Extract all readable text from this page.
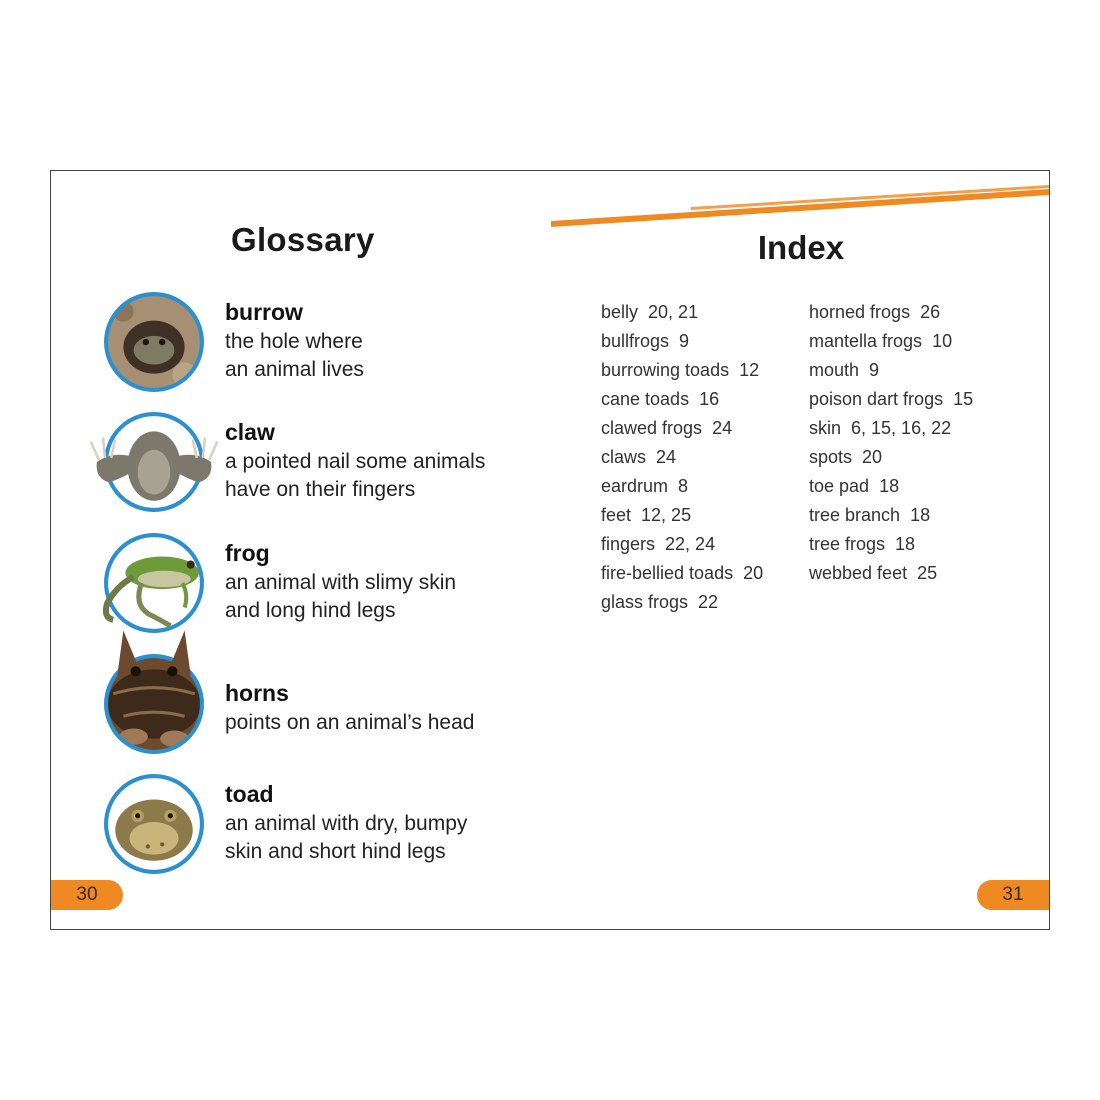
Glossary	Index
burrow
the hole where
an animal lives
claw
a pointed nail some animals
have on their fingers
frog
an animal with slimy skin
and long hind legs
horns
points on an animal’s head
toad
an animal with dry, bumpy
skin and short hind legs
belly 20, 21
bullfrogs 9
burrowing toads 12
cane toads 16
clawed frogs 24
claws 24
eardrum 8
feet 12, 25
fingers 22, 24
fire-bellied toads 20
glass frogs 22
horned frogs 26
mantella frogs 10
mouth 9
poison dart frogs 15
skin 6, 15, 16, 22
spots 20
toe pad 18
tree branch 18
tree frogs 18
webbed feet 25
30	31
